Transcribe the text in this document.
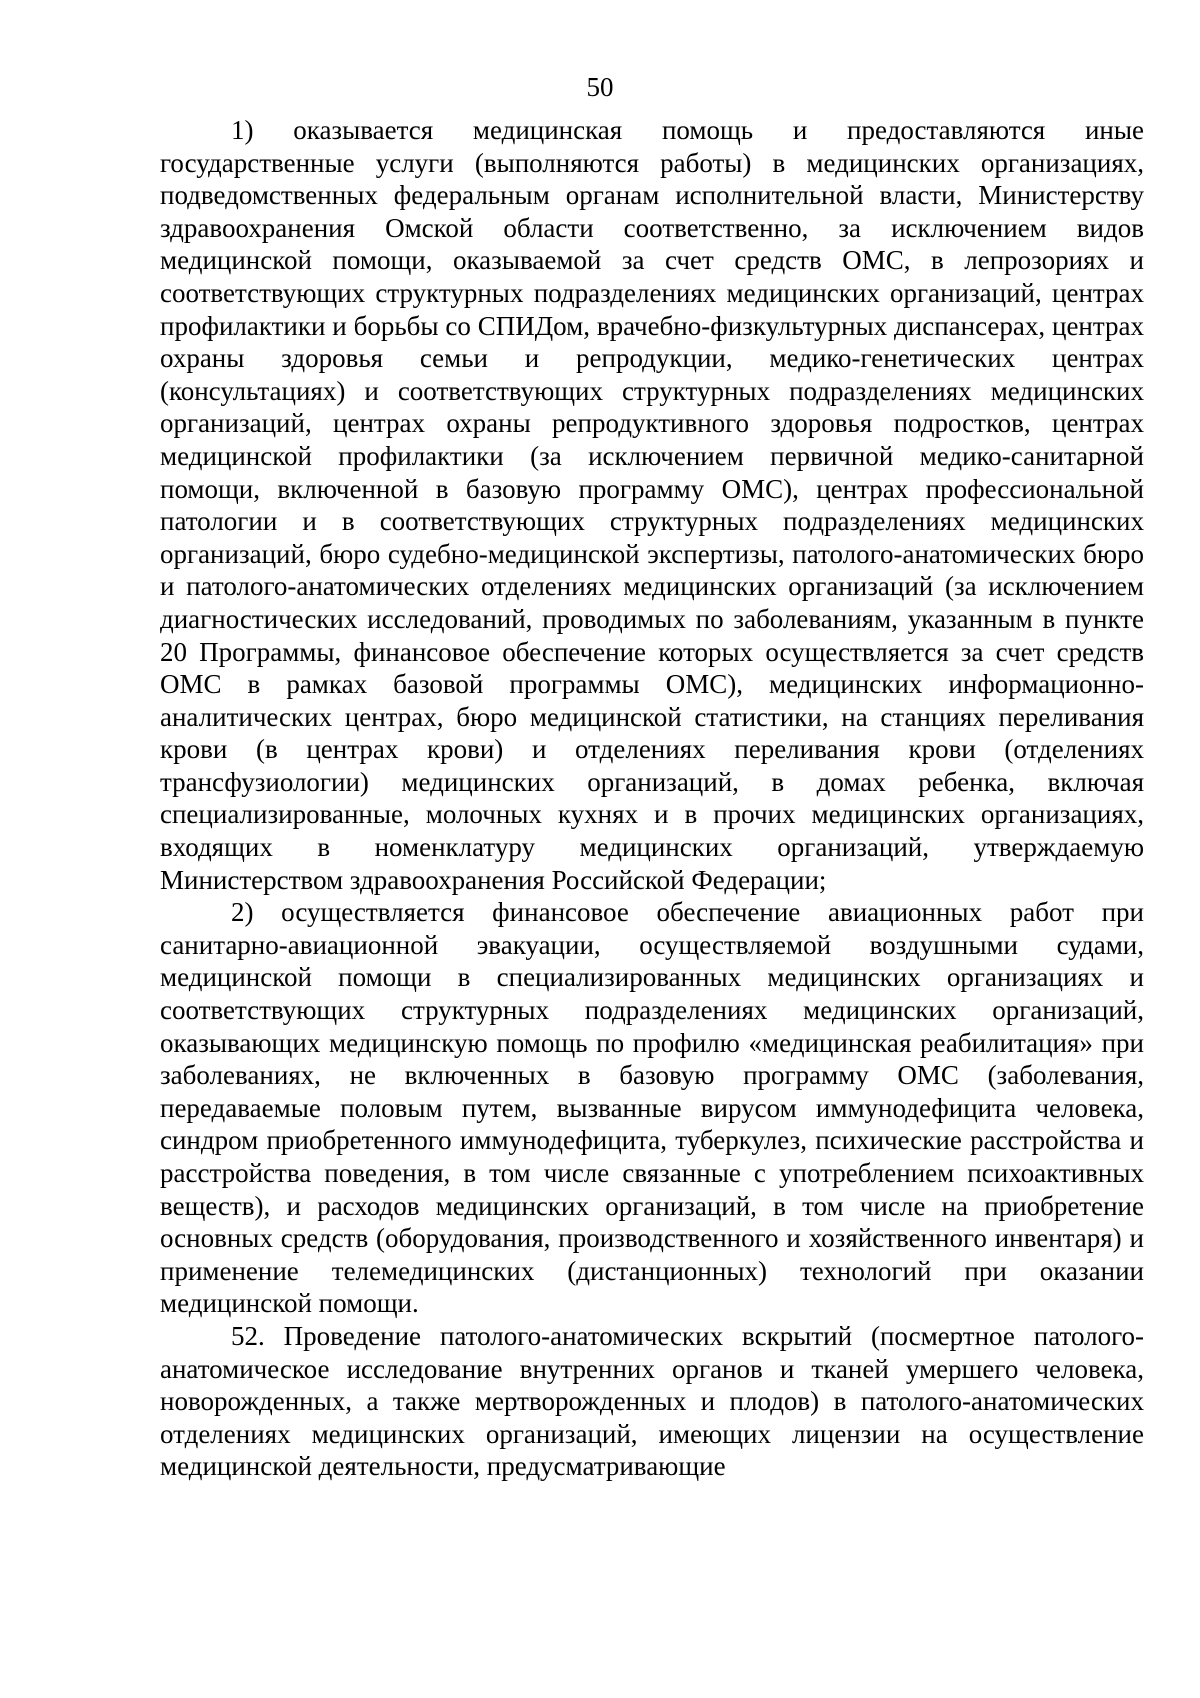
50

1) оказывается медицинская помощь и предоставляются иные государственные услуги (выполняются работы) в медицинских организациях, подведомственных федеральным органам исполнительной власти, Министерству здравоохранения Омской области соответственно, за исключением видов медицинской помощи, оказываемой за счет средств ОМС, в лепрозориях и соответствующих структурных подразделениях медицинских организаций, центрах профилактики и борьбы со СПИДом, врачебно-физкультурных диспансерах, центрах охраны здоровья семьи и репродукции, медико-генетических центрах (консультациях) и соответствующих структурных подразделениях медицинских организаций, центрах охраны репродуктивного здоровья подростков, центрах медицинской профилактики (за исключением первичной медико-санитарной помощи, включенной в базовую программу ОМС), центрах профессиональной патологии и в соответствующих структурных подразделениях медицинских организаций, бюро судебно-медицинской экспертизы, патолого-анатомических бюро и патолого-анатомических отделениях медицинских организаций (за исключением диагностических исследований, проводимых по заболеваниям, указанным в пункте 20 Программы, финансовое обеспечение которых осуществляется за счет средств ОМС в рамках базовой программы ОМС), медицинских информационно-аналитических центрах, бюро медицинской статистики, на станциях переливания крови (в центрах крови) и отделениях переливания крови (отделениях трансфузиологии) медицинских организаций, в домах ребенка, включая специализированные, молочных кухнях и в прочих медицинских организациях, входящих в номенклатуру медицинских организаций, утверждаемую Министерством здравоохранения Российской Федерации;

2) осуществляется финансовое обеспечение авиационных работ при санитарно-авиационной эвакуации, осуществляемой воздушными судами, медицинской помощи в специализированных медицинских организациях и соответствующих структурных подразделениях медицинских организаций, оказывающих медицинскую помощь по профилю «медицинская реабилитация» при заболеваниях, не включенных в базовую программу ОМС (заболевания, передаваемые половым путем, вызванные вирусом иммунодефицита человека, синдром приобретенного иммунодефицита, туберкулез, психические расстройства и расстройства поведения, в том числе связанные с употреблением психоактивных веществ), и расходов медицинских организаций, в том числе на приобретение основных средств (оборудования, производственного и хозяйственного инвентаря) и применение телемедицинских (дистанционных) технологий при оказании медицинской помощи.

52. Проведение патолого-анатомических вскрытий (посмертное патолого-анатомическое исследование внутренних органов и тканей умершего человека, новорожденных, а также мертворожденных и плодов) в патолого-анатомических отделениях медицинских организаций, имеющих лицензии на осуществление медицинской деятельности, предусматривающие
